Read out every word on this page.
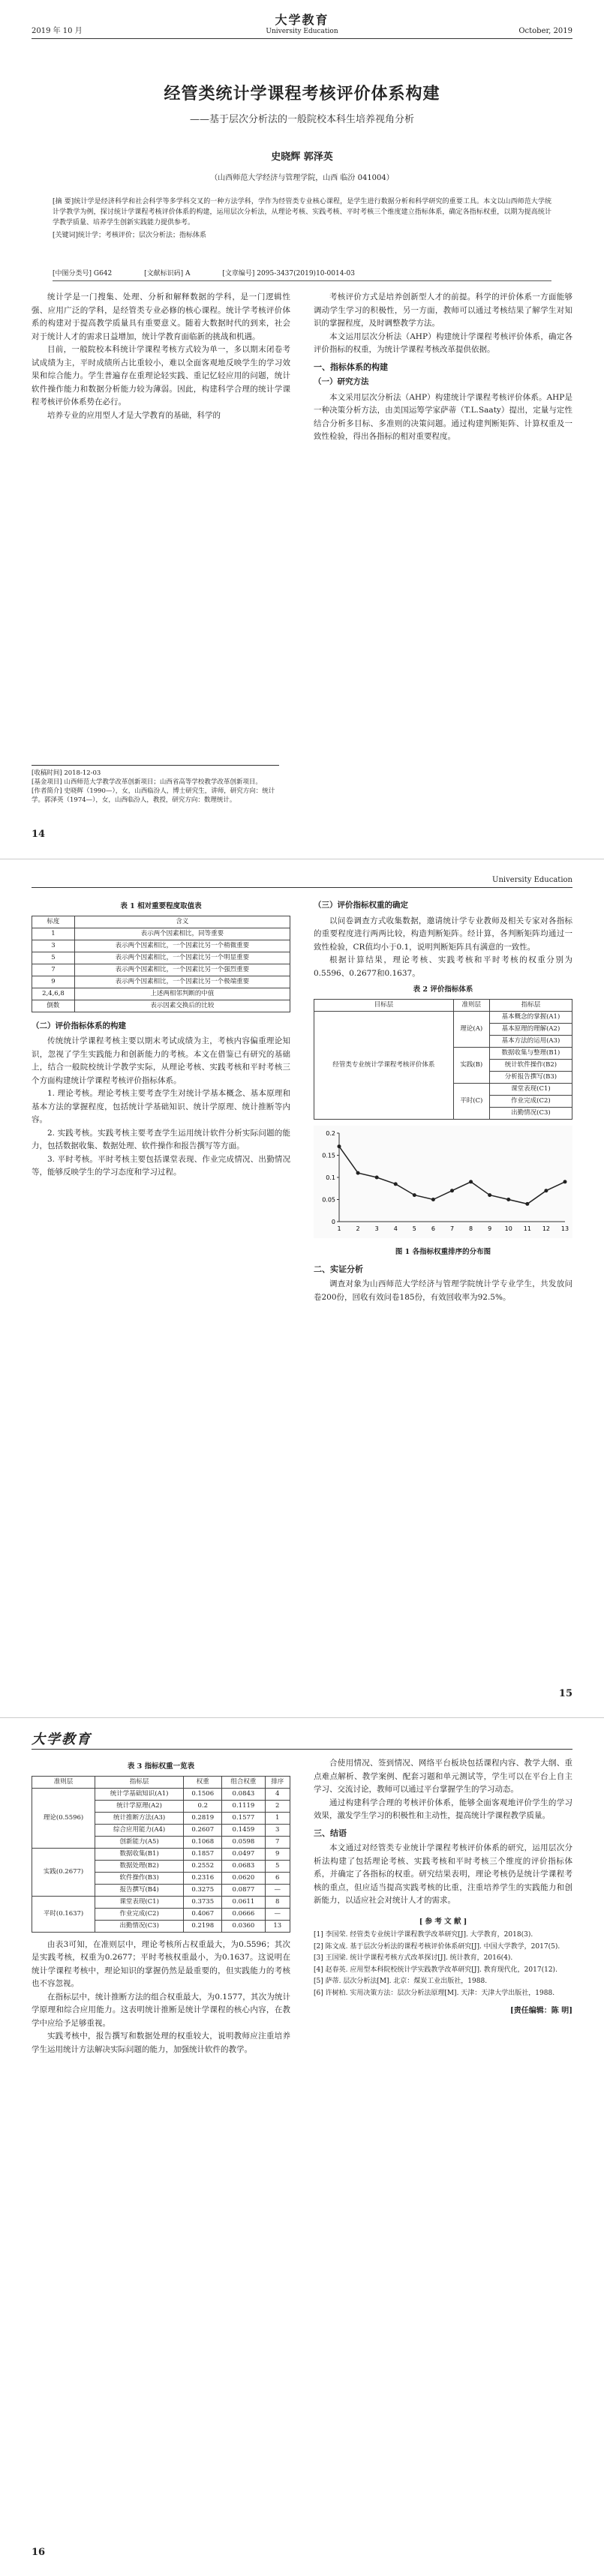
2019 年 10 月
大学教育
University Education	October, 2019
经管类统计学课程考核评价体系构建
——基于层次分析法的一般院校本科生培养视角分析
史晓辉 郭泽英
（山西师范大学经济与管理学院，山西 临汾 041004）

[摘 要]统计学是经济科学和社会科学等多学科交叉的一种方法学科，学作为经管类专业核心课程，是学生进行数据分析和科学研究的重要工具。本文以山西师范大学统计学教学为例，探讨统计学课程考核评价体系的构建，运用层次分析法，从理论考核、实践考核、平时考核三个维度建立指标体系，确定各指标权重，以期为提高统计学教学质量、培养学生创新实践能力提供参考。

[关键词]统计学；考核评价；层次分析法；指标体系

[中图分类号] G642	[文献标识码] A	[文章编号] 2095-3437(2019)10-0014-03

统计学是一门搜集、处理、分析和解释数据的学科，是一门逻辑性强、应用广泛的学科，是经管类专业必修的核心课程。统计学考核评价体系的构建对于提高教学质量具有重要意义。随着大数据时代的到来，社会对于统计人才的需求日益增加，统计学教育面临新的挑战和机遇。

目前，一般院校本科统计学课程考核方式较为单一，多以期末闭卷考试成绩为主，平时成绩所占比重较小，难以全面客观地反映学生的学习效果和综合能力。学生普遍存在重理论轻实践、重记忆轻应用的问题，统计软件操作能力和数据分析能力较为薄弱。因此，构建科学合理的统计学课程考核评价体系势在必行。

培养专业的应用型人才是大学教育的基础，科学的

考核评价方式是培养创新型人才的前提。科学的评价体系一方面能够调动学生学习的积极性，另一方面，教师可以通过考核结果了解学生对知识的掌握程度，及时调整教学方法。

本文运用层次分析法（AHP）构建统计学课程考核评价体系，确定各评价指标的权重，为统计学课程考核改革提供依据。

一、指标体系的构建
（一）研究方法

本文采用层次分析法（AHP）构建统计学课程考核评价体系。AHP是一种决策分析方法，由美国运筹学家萨蒂（T.L.Saaty）提出，定量与定性结合分析多目标、多准则的决策问题。通过构建判断矩阵、计算权重及一致性检验，得出各指标的相对重要程度。

[收稿时间] 2018-12-03
[基金项目] 山西师范大学教学改革创新项目；山西省高等学校教学改革创新项目。
[作者简介] 史晓辉（1990—），女，山西临汾人，博士研究生，讲师，研究方向：统计学。郭泽英（1974—），女，山西临汾人，教授，研究方向：数理统计。
14
University Education
表 1 相对重要程度取值表
标度	含义
1	表示两个因素相比，同等重要
3	表示两个因素相比，一个因素比另一个稍微重要
5	表示两个因素相比，一个因素比另一个明显重要
7	表示两个因素相比，一个因素比另一个强烈重要
9	表示两个因素相比，一个因素比另一个极端重要
2,4,6,8	上述两相邻判断的中值
倒数	表示因素交换后的比较
（二）评价指标体系的构建

传统统计学课程考核主要以期末考试成绩为主，考核内容偏重理论知识，忽视了学生实践能力和创新能力的考核。本文在借鉴已有研究的基础上，结合一般院校统计学教学实际，从理论考核、实践考核和平时考核三个方面构建统计学课程考核评价指标体系。

1. 理论考核。理论考核主要考查学生对统计学基本概念、基本原理和基本方法的掌握程度，包括统计学基础知识、统计学原理、统计推断等内容。

2. 实践考核。实践考核主要考查学生运用统计软件分析实际问题的能力，包括数据收集、数据处理、软件操作和报告撰写等方面。

3. 平时考核。平时考核主要包括课堂表现、作业完成情况、出勤情况等，能够反映学生的学习态度和学习过程。

（三）评价指标权重的确定

以问卷调查方式收集数据，邀请统计学专业教师及相关专家对各指标的重要程度进行两两比较，构造判断矩阵。经计算，各判断矩阵均通过一致性检验，CR值均小于0.1，说明判断矩阵具有满意的一致性。

根据计算结果，理论考核、实践考核和平时考核的权重分别为0.5596、0.2677和0.1637。

表 2 评价指标体系
目标层	准则层	指标层
经管类专业统计学课程考核评价体系	理论(A)	基本概念的掌握(A1)
		基本原理的理解(A2)
		基本方法的运用(A3)
	实践(B)	数据收集与整理(B1)
		统计软件操作(B2)
		分析报告撰写(B3)
	平时(C)	课堂表现(C1)
		作业完成(C2)
		出勤情况(C3)
0.2
0.15
0.1
0.05
0
1 2 3 4 5 6 7 8 9 10 11 12 13
图 1 各指标权重排序的分布图
二、实证分析

调查对象为山西师范大学经济与管理学院统计学专业学生，共发放问卷200份，回收有效问卷185份，有效回收率为92.5%。

15
大学教育
表 3 指标权重一览表
准则层	指标层	权重	组合权重	排序
理论(0.5596)	统计学基础知识(A1)	0.1506	0.0843	4
	统计学原理(A2)	0.2	0.1119	2
	统计推断方法(A3)	0.2819	0.1577	1
	综合应用能力(A4)	0.2607	0.1459	3
	创新能力(A5)	0.1068	0.0598	7
实践(0.2677)	数据收集(B1)	0.1857	0.0497	9
	数据处理(B2)	0.2552	0.0683	5
	软件操作(B3)	0.2316	0.0620	6
	报告撰写(B4)	0.3275	0.0877	—
平时(0.1637)	课堂表现(C1)	0.3735	0.0611	8
	作业完成(C2)	0.4067	0.0666	—
	出勤情况(C3)	0.2198	0.0360	13

由表3可知，在准则层中，理论考核所占权重最大，为0.5596；其次是实践考核，权重为0.2677；平时考核权重最小，为0.1637。这说明在统计学课程考核中，理论知识的掌握仍然是最重要的，但实践能力的考核也不容忽视。

在指标层中，统计推断方法的组合权重最大，为0.1577，其次为统计学原理和综合应用能力。这表明统计推断是统计学课程的核心内容，在教学中应给予足够重视。

实践考核中，报告撰写和数据处理的权重较大，说明教师应注重培养学生运用统计方法解决实际问题的能力，加强统计软件的教学。

合使用情况、签到情况、网络平台板块包括课程内容、教学大纲、重点难点解析、教学案例、配套习题和单元测试等，学生可以在平台上自主学习、交流讨论，教师可以通过平台掌握学生的学习动态。

通过构建科学合理的考核评价体系，能够全面客观地评价学生的学习效果，激发学生学习的积极性和主动性，提高统计学课程教学质量。

三、结语

本文通过对经管类专业统计学课程考核评价体系的研究，运用层次分析法构建了包括理论考核、实践考核和平时考核三个维度的评价指标体系，并确定了各指标的权重。研究结果表明，理论考核仍是统计学课程考核的重点，但应适当提高实践考核的比重，注重培养学生的实践能力和创新能力，以适应社会对统计人才的需求。

[ 参 考 文 献 ]
[1] 李国荣. 经管类专业统计学课程教学改革研究[J]. 大学教育，2018(3).
[2] 陈文成. 基于层次分析法的课程考核评价体系研究[J]. 中国大学教学，2017(5).
[3] 王国梁. 统计学课程考核方式改革探讨[J]. 统计教育，2016(4).
[4] 赵春英. 应用型本科院校统计学实践教学改革研究[J]. 教育现代化，2017(12).
[5] 萨蒂. 层次分析法[M]. 北京：煤炭工业出版社，1988.
[6] 许树柏. 实用决策方法：层次分析法原理[M]. 天津：天津大学出版社，1988.
[责任编辑：陈 明]
16
